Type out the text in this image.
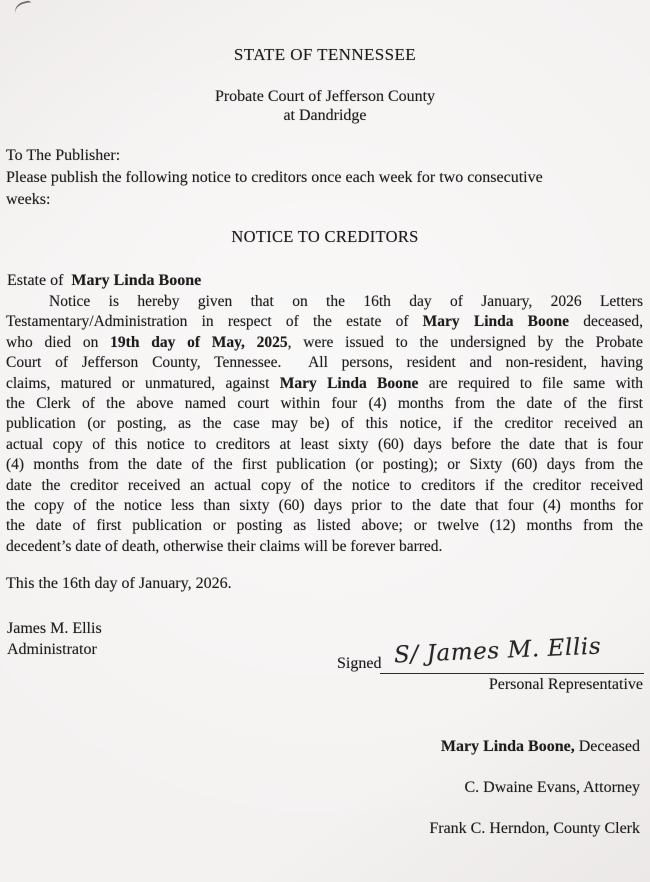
STATE OF TENNESSEE
Probate Court of Jefferson County
at Dandridge
To The Publisher:
Please publish the following notice to creditors once each week for two consecutive
weeks:
NOTICE TO CREDITORS
Estate of  Mary Linda Boone
Notice is hereby given that on the 16th day of January, 2026 Letters
Testamentary/Administration in respect of the estate of Mary Linda Boone deceased,
who died on 19th day of May, 2025, were issued to the undersigned by the Probate
Court of Jefferson County, Tennessee.  All persons, resident and non-resident, having
claims, matured or unmatured, against Mary Linda Boone are required to file same with
the Clerk of the above named court within four (4) months from the date of the first
publication (or posting, as the case may be) of this notice, if the creditor received an
actual copy of this notice to creditors at least sixty (60) days before the date that is four
(4) months from the date of the first publication (or posting); or Sixty (60) days from the
date the creditor received an actual copy of the notice to creditors if the creditor received
the copy of the notice less than sixty (60) days prior to the date that four (4) months for
the date of first publication or posting as listed above; or twelve (12) months from the
decedent’s date of death, otherwise their claims will be forever barred.
This the 16th day of January, 2026.
James M. Ellis
Administrator
Signed S/ James M. Ellis
Personal Representative
Mary Linda Boone, Deceased
C. Dwaine Evans, Attorney
Frank C. Herndon, County Clerk
